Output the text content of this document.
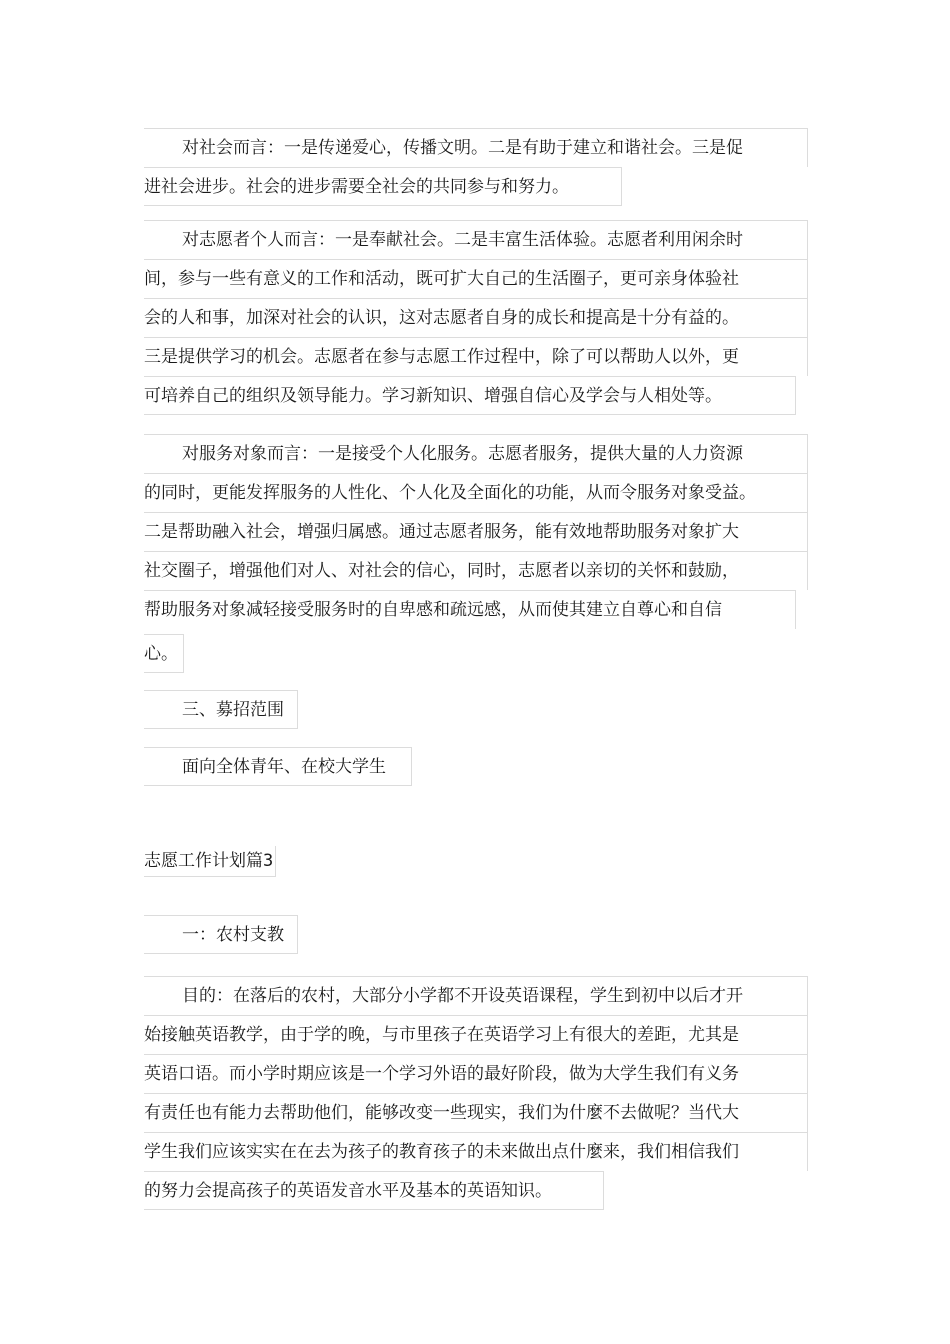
对社会而言：一是传递爱心，传播文明。二是有助于建立和谐社会。三是促
进社会进步。社会的进步需要全社会的共同参与和努力。
对志愿者个人而言：一是奉献社会。二是丰富生活体验。志愿者利用闲余时
间，参与一些有意义的工作和活动，既可扩大自己的生活圈子，更可亲身体验社
会的人和事，加深对社会的认识，这对志愿者自身的成长和提高是十分有益的。
三是提供学习的机会。志愿者在参与志愿工作过程中，除了可以帮助人以外，更
可培养自己的组织及领导能力。学习新知识、增强自信心及学会与人相处等。
对服务对象而言：一是接受个人化服务。志愿者服务，提供大量的人力资源
的同时，更能发挥服务的人性化、个人化及全面化的功能，从而令服务对象受益。
二是帮助融入社会，增强归属感。通过志愿者服务，能有效地帮助服务对象扩大
社交圈子，增强他们对人、对社会的信心，同时，志愿者以亲切的关怀和鼓励，
帮助服务对象减轻接受服务时的自卑感和疏远感，从而使其建立自尊心和自信 心。
三、募招范围
面向全体青年、在校大学生
志愿工作计划篇3
一：农村支教
目的：在落后的农村，大部分小学都不开设英语课程，学生到初中以后才开
始接触英语教学，由于学的晚，与市里孩子在英语学习上有很大的差距，尤其是
英语口语。而小学时期应该是一个学习外语的最好阶段，做为大学生我们有义务
有责任也有能力去帮助他们，能够改变一些现实，我们为什麼不去做呢？当代大
学生我们应该实实在在去为孩子的教育孩子的未来做出点什麼来，我们相信我们
的努力会提高孩子的英语发音水平及基本的英语知识。
